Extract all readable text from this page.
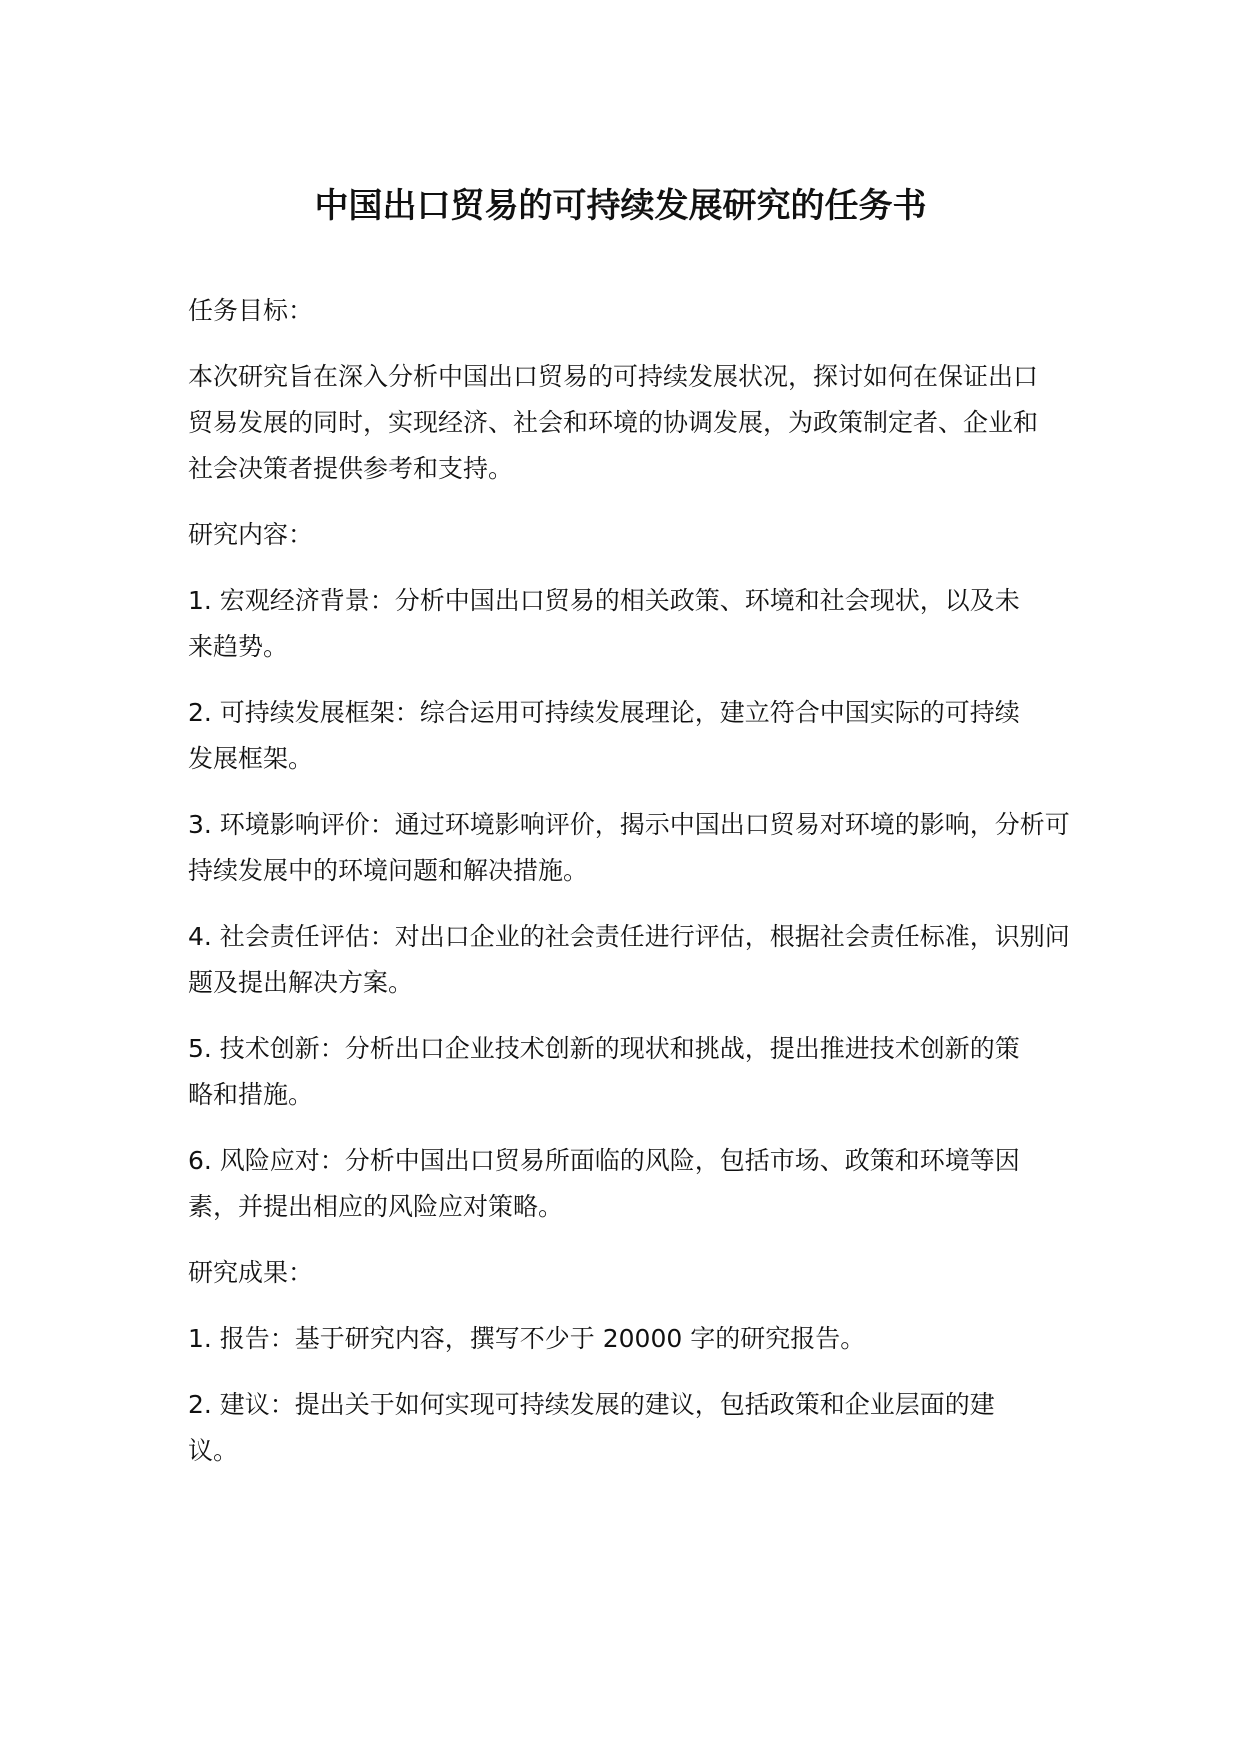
中国出口贸易的可持续发展研究的任务书

任务目标：

本次研究旨在深入分析中国出口贸易的可持续发展状况，探讨如何在保证出口贸易发展的同时，实现经济、社会和环境的协调发展，为政策制定者、企业和社会决策者提供参考和支持。

研究内容：

1. 宏观经济背景：分析中国出口贸易的相关政策、环境和社会现状，以及未来趋势。

2. 可持续发展框架：综合运用可持续发展理论，建立符合中国实际的可持续发展框架。

3. 环境影响评价：通过环境影响评价，揭示中国出口贸易对环境的影响，分析可持续发展中的环境问题和解决措施。

4. 社会责任评估：对出口企业的社会责任进行评估，根据社会责任标准，识别问题及提出解决方案。

5. 技术创新：分析出口企业技术创新的现状和挑战，提出推进技术创新的策略和措施。

6. 风险应对：分析中国出口贸易所面临的风险，包括市场、政策和环境等因素，并提出相应的风险应对策略。

研究成果：

1. 报告：基于研究内容，撰写不少于 20000 字的研究报告。

2. 建议：提出关于如何实现可持续发展的建议，包括政策和企业层面的建议。
